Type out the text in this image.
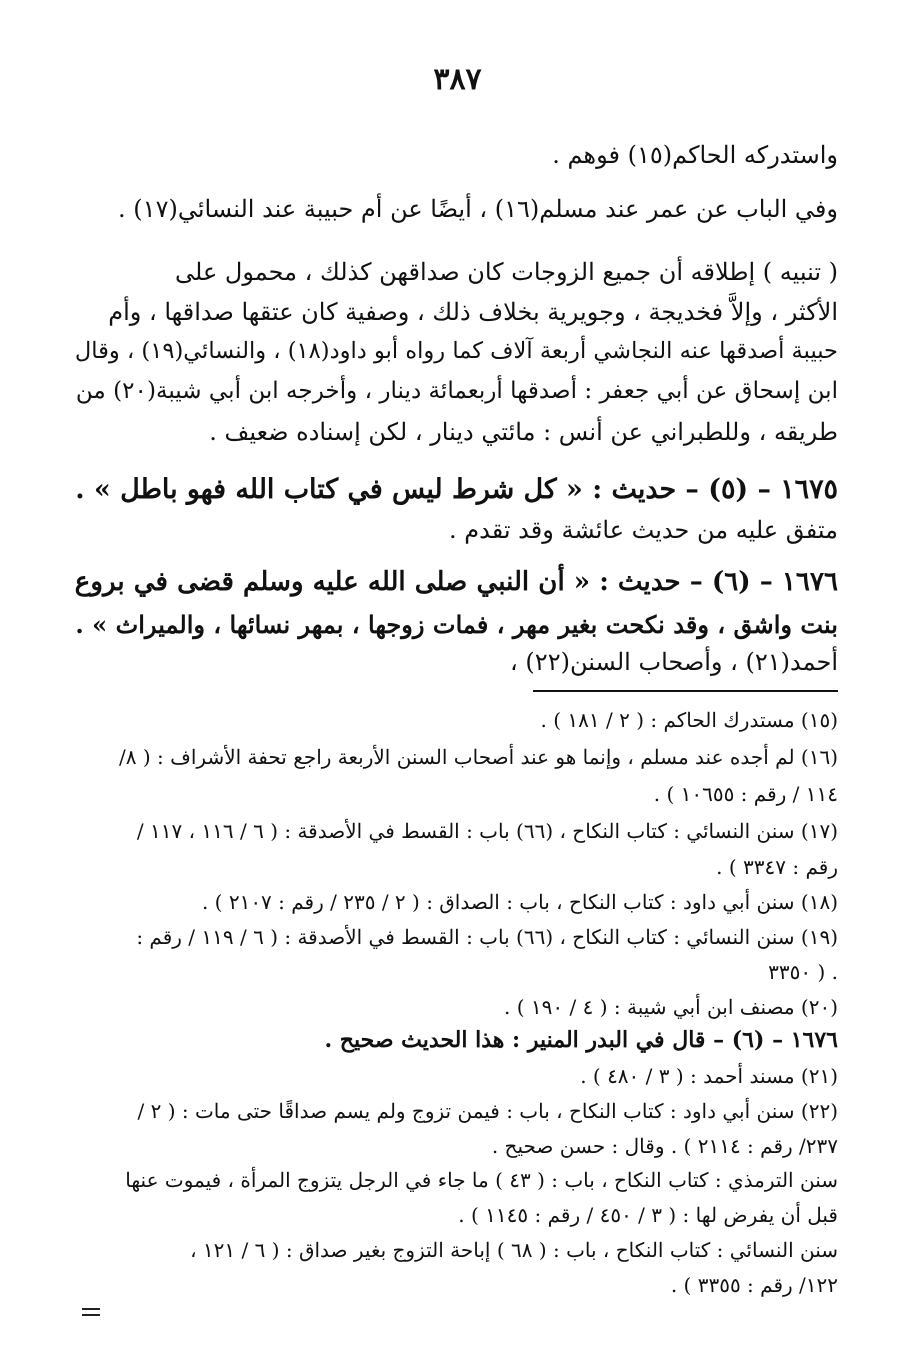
٣٨٧
واستدركه الحاكم(١٥) فوهم .
وفي الباب عن عمر عند مسلم(١٦) ، أيضًا عن أم حبيبة عند النسائي(١٧) .
( تنبيه ) إطلاقه أن جميع الزوجات كان صداقهن كذلك ، محمول على
الأكثر ، وإلاَّ فخديجة ، وجويرية بخلاف ذلك ، وصفية كان عتقها صداقها ، وأم
حبيبة أصدقها عنه النجاشي أربعة آلاف كما رواه أبو داود(١٨) ، والنسائي(١٩) ، وقال
ابن إسحاق عن أبي جعفر : أصدقها أربعمائة دينار ، وأخرجه ابن أبي شيبة(٢٠) من
طريقه ، وللطبراني عن أنس : مائتي دينار ، لكن إسناده ضعيف .
١٦٧٥ – (٥) – حديث : « كل شرط ليس في كتاب الله فهو باطل » .
متفق عليه من حديث عائشة وقد تقدم .
١٦٧٦ – (٦) – حديث : « أن النبي صلى الله عليه وسلم قضى في بروع
بنت واشق ، وقد نكحت بغير مهر ، فمات زوجها ، بمهر نسائها ، والميراث » .
أحمد(٢١) ، وأصحاب السنن(٢٢) ،
(١٥) مستدرك الحاكم : ( ٢ / ١٨١ ) .
(١٦) لم أجده عند مسلم ، وإنما هو عند أصحاب السنن الأربعة راجع تحفة الأشراف : ( ٨/
١١٤ / رقم : ١٠٦٥٥ ) .
(١٧) سنن النسائي : كتاب النكاح ، (٦٦) باب : القسط في الأصدقة : ( ٦ / ١١٦ ، ١١٧ /
رقم : ٣٣٤٧ ) .
(١٨) سنن أبي داود : كتاب النكاح ، باب : الصداق : ( ٢ / ٢٣٥ / رقم : ٢١٠٧ ) .
(١٩) سنن النسائي : كتاب النكاح ، (٦٦) باب : القسط في الأصدقة : ( ٦ / ١١٩ / رقم :
٣٣٥٠ ) .
(٢٠) مصنف ابن أبي شيبة : ( ٤ / ١٩٠ ) .
١٦٧٦ – (٦) – قال في البدر المنير : هذا الحديث صحيح .
(٢١) مسند أحمد : ( ٣ / ٤٨٠ ) .
(٢٢) سنن أبي داود : كتاب النكاح ، باب : فيمن تزوج ولم يسم صداقًا حتى مات : ( ٢ /
٢٣٧/ رقم : ٢١١٤ ) . وقال : حسن صحيح .
سنن الترمذي : كتاب النكاح ، باب : ( ٤٣ ) ما جاء في الرجل يتزوج المرأة ، فيموت عنها
قبل أن يفرض لها : ( ٣ / ٤٥٠ / رقم : ١١٤٥ ) .
سنن النسائي : كتاب النكاح ، باب : ( ٦٨ ) إباحة التزوج بغير صداق : ( ٦ / ١٢١ ،
١٢٢/ رقم : ٣٣٥٥ ) .
